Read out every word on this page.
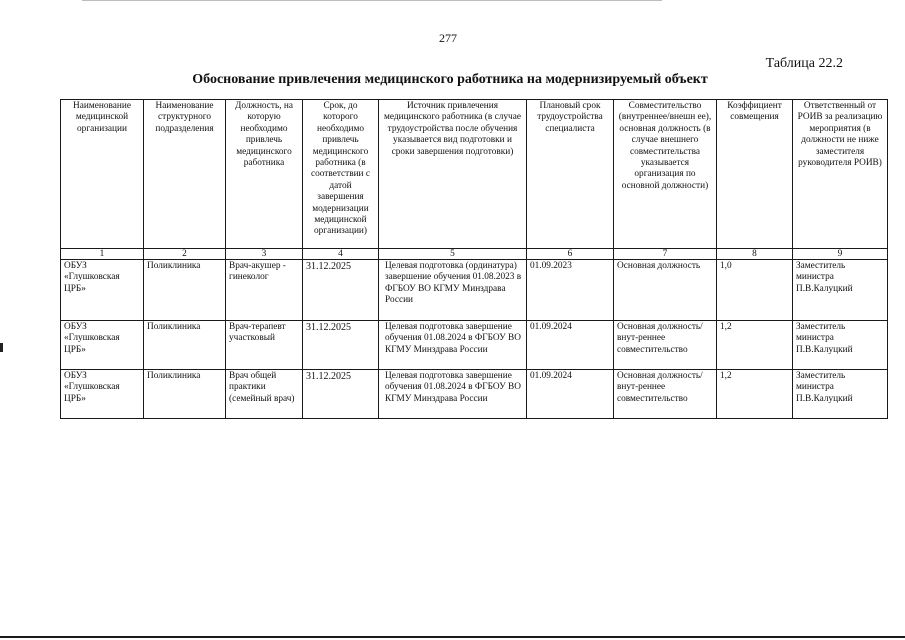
277
Таблица 22.2
Обоснование привлечения медицинского работника на модернизируемый объект
Наименование медицинской организации	Наименование структурного подразделения	Должность, на которую необходимо привлечь медицинского работника	Срок, до которого необходимо привлечь медицинского работника (в соответствии с датой завершения модернизации медицинской организации)	Источник привлечения медицинского работника (в случае трудоустройства после обучения указывается вид подготовки и сроки завершения подготовки)	Плановый срок трудоустройства специалиста	Совместительство (внутреннее/внешн ее), основная должность (в случае внешнего совместительства указывается организация по основной должности)	Коэффициент совмещения	Ответственный от РОИВ за реализацию мероприятия (в должности не ниже заместителя руководителя РОИВ)
1	2	3	4	5	6	7	8	9
ОБУЗ «Глушковская ЦРБ»	Поликлиника	Врач-акушер - гинеколог	31.12.2025	Целевая подготовка (ординатура) завершение обучения 01.08.2023 в ФГБОУ ВО КГМУ Минздрава России	01.09.2023	Основная должность	1,0	Заместитель министра П.В.Калуцкий
ОБУЗ «Глушковская ЦРБ»	Поликлиника	Врач-терапевт участковый	31.12.2025	Целевая подготовка завершение обучения 01.08.2024 в ФГБОУ ВО КГМУ Минздрава России	01.09.2024	Основная должность/внут-реннее совместительство	1,2	Заместитель министра П.В.Калуцкий
ОБУЗ «Глушковская ЦРБ»	Поликлиника	Врач общей практики (семейный врач)	31.12.2025	Целевая подготовка завершение обучения 01.08.2024 в ФГБОУ ВО КГМУ Минздрава России	01.09.2024	Основная должность/внут-реннее совместительство	1,2	Заместитель министра П.В.Калуцкий
